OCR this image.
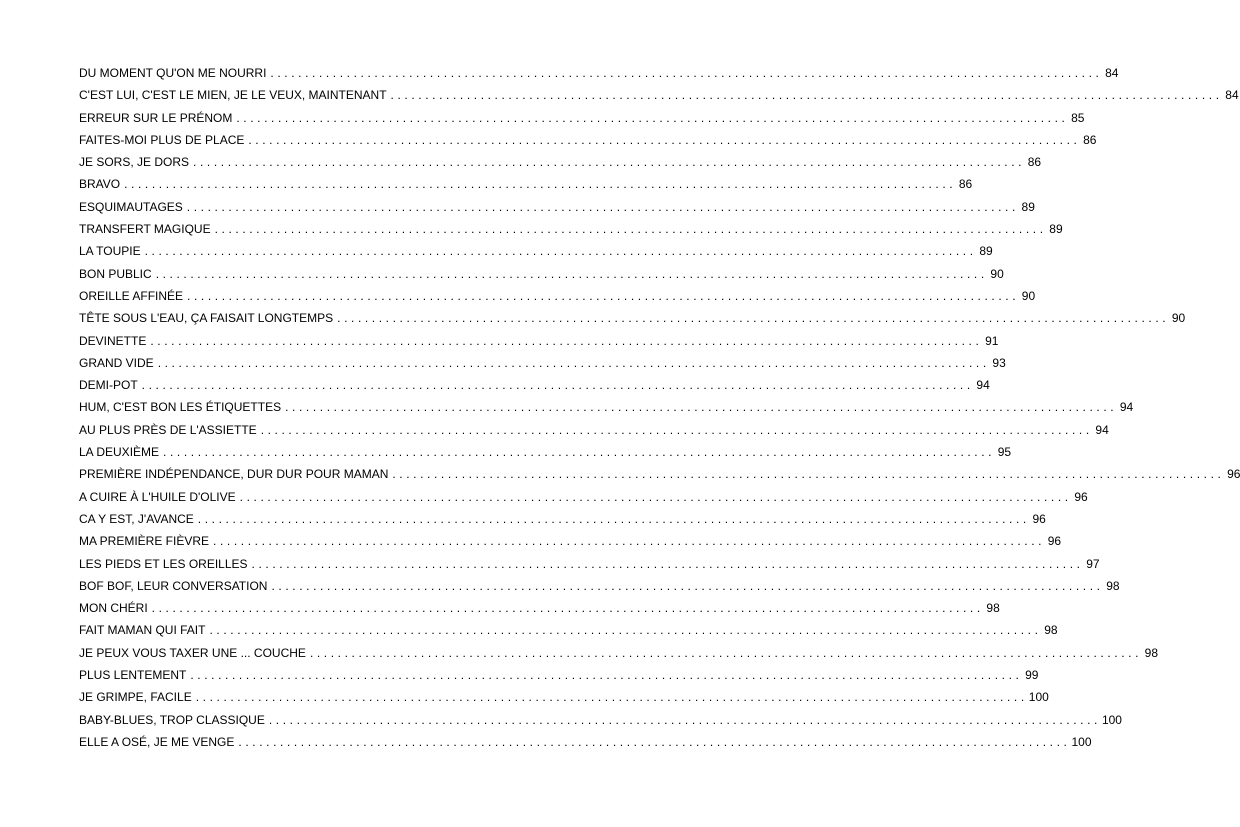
DU MOMENT QU'ON ME NOURRI ........................................................................................................................ 84
C'EST LUI, C'EST LE MIEN, JE LE VEUX, MAINTENANT ........................................................................................................................ 84
ERREUR SUR LE PRÉNOM ........................................................................................................................ 85
FAITES-MOI PLUS DE PLACE ........................................................................................................................ 86
JE SORS, JE DORS ........................................................................................................................ 86
BRAVO ........................................................................................................................ 86
ESQUIMAUTAGES ........................................................................................................................ 89
TRANSFERT MAGIQUE ........................................................................................................................ 89
LA TOUPIE ........................................................................................................................ 89
BON PUBLIC ........................................................................................................................ 90
OREILLE AFFINÉE ........................................................................................................................ 90
TÊTE SOUS L'EAU, ÇA FAISAIT LONGTEMPS ........................................................................................................................ 90
DEVINETTE ........................................................................................................................ 91
GRAND VIDE ........................................................................................................................ 93
DEMI-POT ........................................................................................................................ 94
HUM, C'EST BON LES ÉTIQUETTES ........................................................................................................................ 94
AU PLUS PRÈS DE L'ASSIETTE ........................................................................................................................ 94
LA DEUXIÈME ........................................................................................................................ 95
PREMIÈRE INDÉPENDANCE, DUR DUR POUR MAMAN ........................................................................................................................ 96
A CUIRE À L'HUILE D'OLIVE ........................................................................................................................ 96
CA Y EST, J'AVANCE ........................................................................................................................ 96
MA PREMIÈRE FIÈVRE ........................................................................................................................ 96
LES PIEDS ET LES OREILLES ........................................................................................................................ 97
BOF BOF, LEUR CONVERSATION ........................................................................................................................ 98
MON CHÉRI ........................................................................................................................ 98
FAIT MAMAN QUI FAIT ........................................................................................................................ 98
JE PEUX VOUS TAXER UNE ... COUCHE ........................................................................................................................ 98
PLUS LENTEMENT ........................................................................................................................ 99
JE GRIMPE, FACILE ........................................................................................................................ 100
BABY-BLUES, TROP CLASSIQUE ........................................................................................................................ 100
ELLE A OSÉ, JE ME VENGE ........................................................................................................................ 100
